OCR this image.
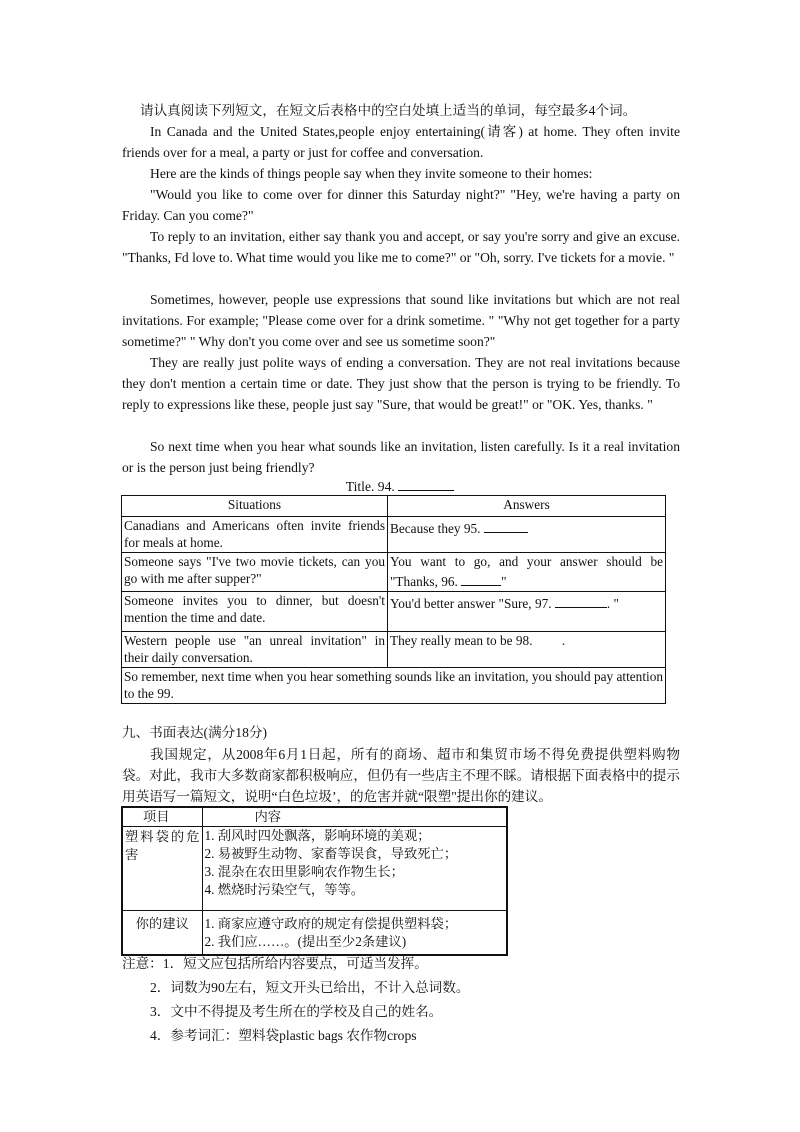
请认真阅读下列短文，在短文后表格中的空白处填上适当的单词，每空最多4个词。

In Canada and the United States,people enjoy entertaining(请客) at home. They often invite friends over for a meal, a party or just for coffee and conversation.

Here are the kinds of things people say when they invite someone to their homes:

"Would you like to come over for dinner this Saturday night?" "Hey, we're having a party on Friday. Can you come?"

To reply to an invitation, either say thank you and accept, or say you're sorry and give an excuse. "Thanks, Fd love to. What time would you like me to come?" or "Oh, sorry. I've tickets for a movie. "

Sometimes, however, people use expressions that sound like invitations but which are not real invitations. For example; "Please come over for a drink sometime. " "Why not get together for a party sometime?" " Why don't you come over and see us sometime soon?"

They are really just polite ways of ending a conversation. They are not real invitations because they don't mention a certain time or date. They just show that the person is trying to be friendly. To reply to expressions like these, people just say "Sure, that would be great!" or "OK. Yes, thanks. "

So next time when you hear what sounds like an invitation, listen carefully. Is it a real invitation or is the person just being friendly?

Title. 94.
Situations	Answers
Canadians and Americans often invite friends for meals at home.	Because they 95.
Someone says "I've two movie tickets, can you go with me after supper?"	You want to go, and your answer should be "Thanks, 96. "
Someone invites you to dinner, but doesn't mention the time and date.	You'd better answer "Sure, 97. . "
Western people use "an unreal invitation" in their daily conversation.	They really mean to be 98. .
So remember, next time when you hear something sounds like an invitation, you should pay attention to the 99.	
九、书面表达(满分18分)

我国规定，从2008年6月1日起，所有的商场、超市和集贸市场不得免费提供塑料购物袋。对此，我市大多数商家都积极响应，但仍有一些店主不理不睬。请根据下面表格中的提示用英语写一篇短文，说明“白色垃圾’，的危害并就“限塑"提出你的建议。

项目	内容
塑料袋的危害	1. 刮风时四处飘落，影响环境的美观；
2. 易被野生动物、家畜等误食，导致死亡；
3. 混杂在农田里影响农作物生长；
4. 燃烧时污染空气，等等。

你的建议	1. 商家应遵守政府的规定有偿提供塑料袋；
2. 我们应……。(提出至少2条建议)
注意：1．短文应包括所给内容要点，可适当发挥。
2．词数为90左右，短文开头已给出，不计入总词数。
3．文中不得提及考生所在的学校及自己的姓名。
4．参考词汇：塑料袋plastic bags 农作物crops
